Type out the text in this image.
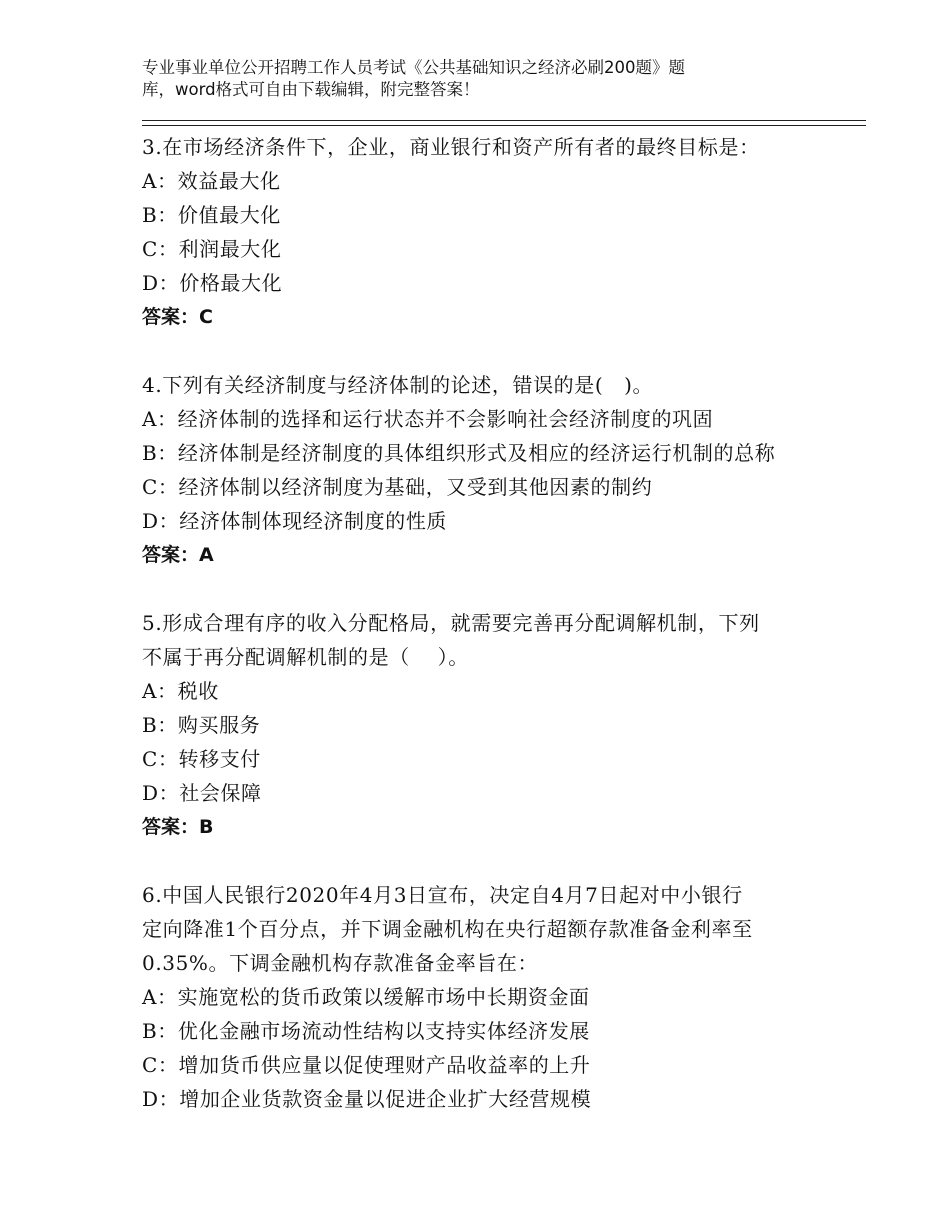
专业事业单位公开招聘工作人员考试《公共基础知识之经济必刷200题》题
库，word格式可自由下载编辑，附完整答案！
3.在市场经济条件下，企业，商业银行和资产所有者的最终目标是：
A：效益最大化
B：价值最大化
C：利润最大化
D：价格最大化
答案：C
4.下列有关经济制度与经济体制的论述，错误的是(   )。
A：经济体制的选择和运行状态并不会影响社会经济制度的巩固
B：经济体制是经济制度的具体组织形式及相应的经济运行机制的总称
C：经济体制以经济制度为基础，又受到其他因素的制约
D：经济体制体现经济制度的性质
答案：A
5.形成合理有序的收入分配格局，就需要完善再分配调解机制，下列
不属于再分配调解机制的是（    ）。
A：税收
B：购买服务
C：转移支付
D：社会保障
答案：B
6.中国人民银行2020年4月3日宣布，决定自4月7日起对中小银行
定向降准1个百分点，并下调金融机构在央行超额存款准备金利率至
0.35%。下调金融机构存款准备金率旨在：
A：实施宽松的货币政策以缓解市场中长期资金面
B：优化金融市场流动性结构以支持实体经济发展
C：增加货币供应量以促使理财产品收益率的上升
D：增加企业货款资金量以促进企业扩大经营规模
